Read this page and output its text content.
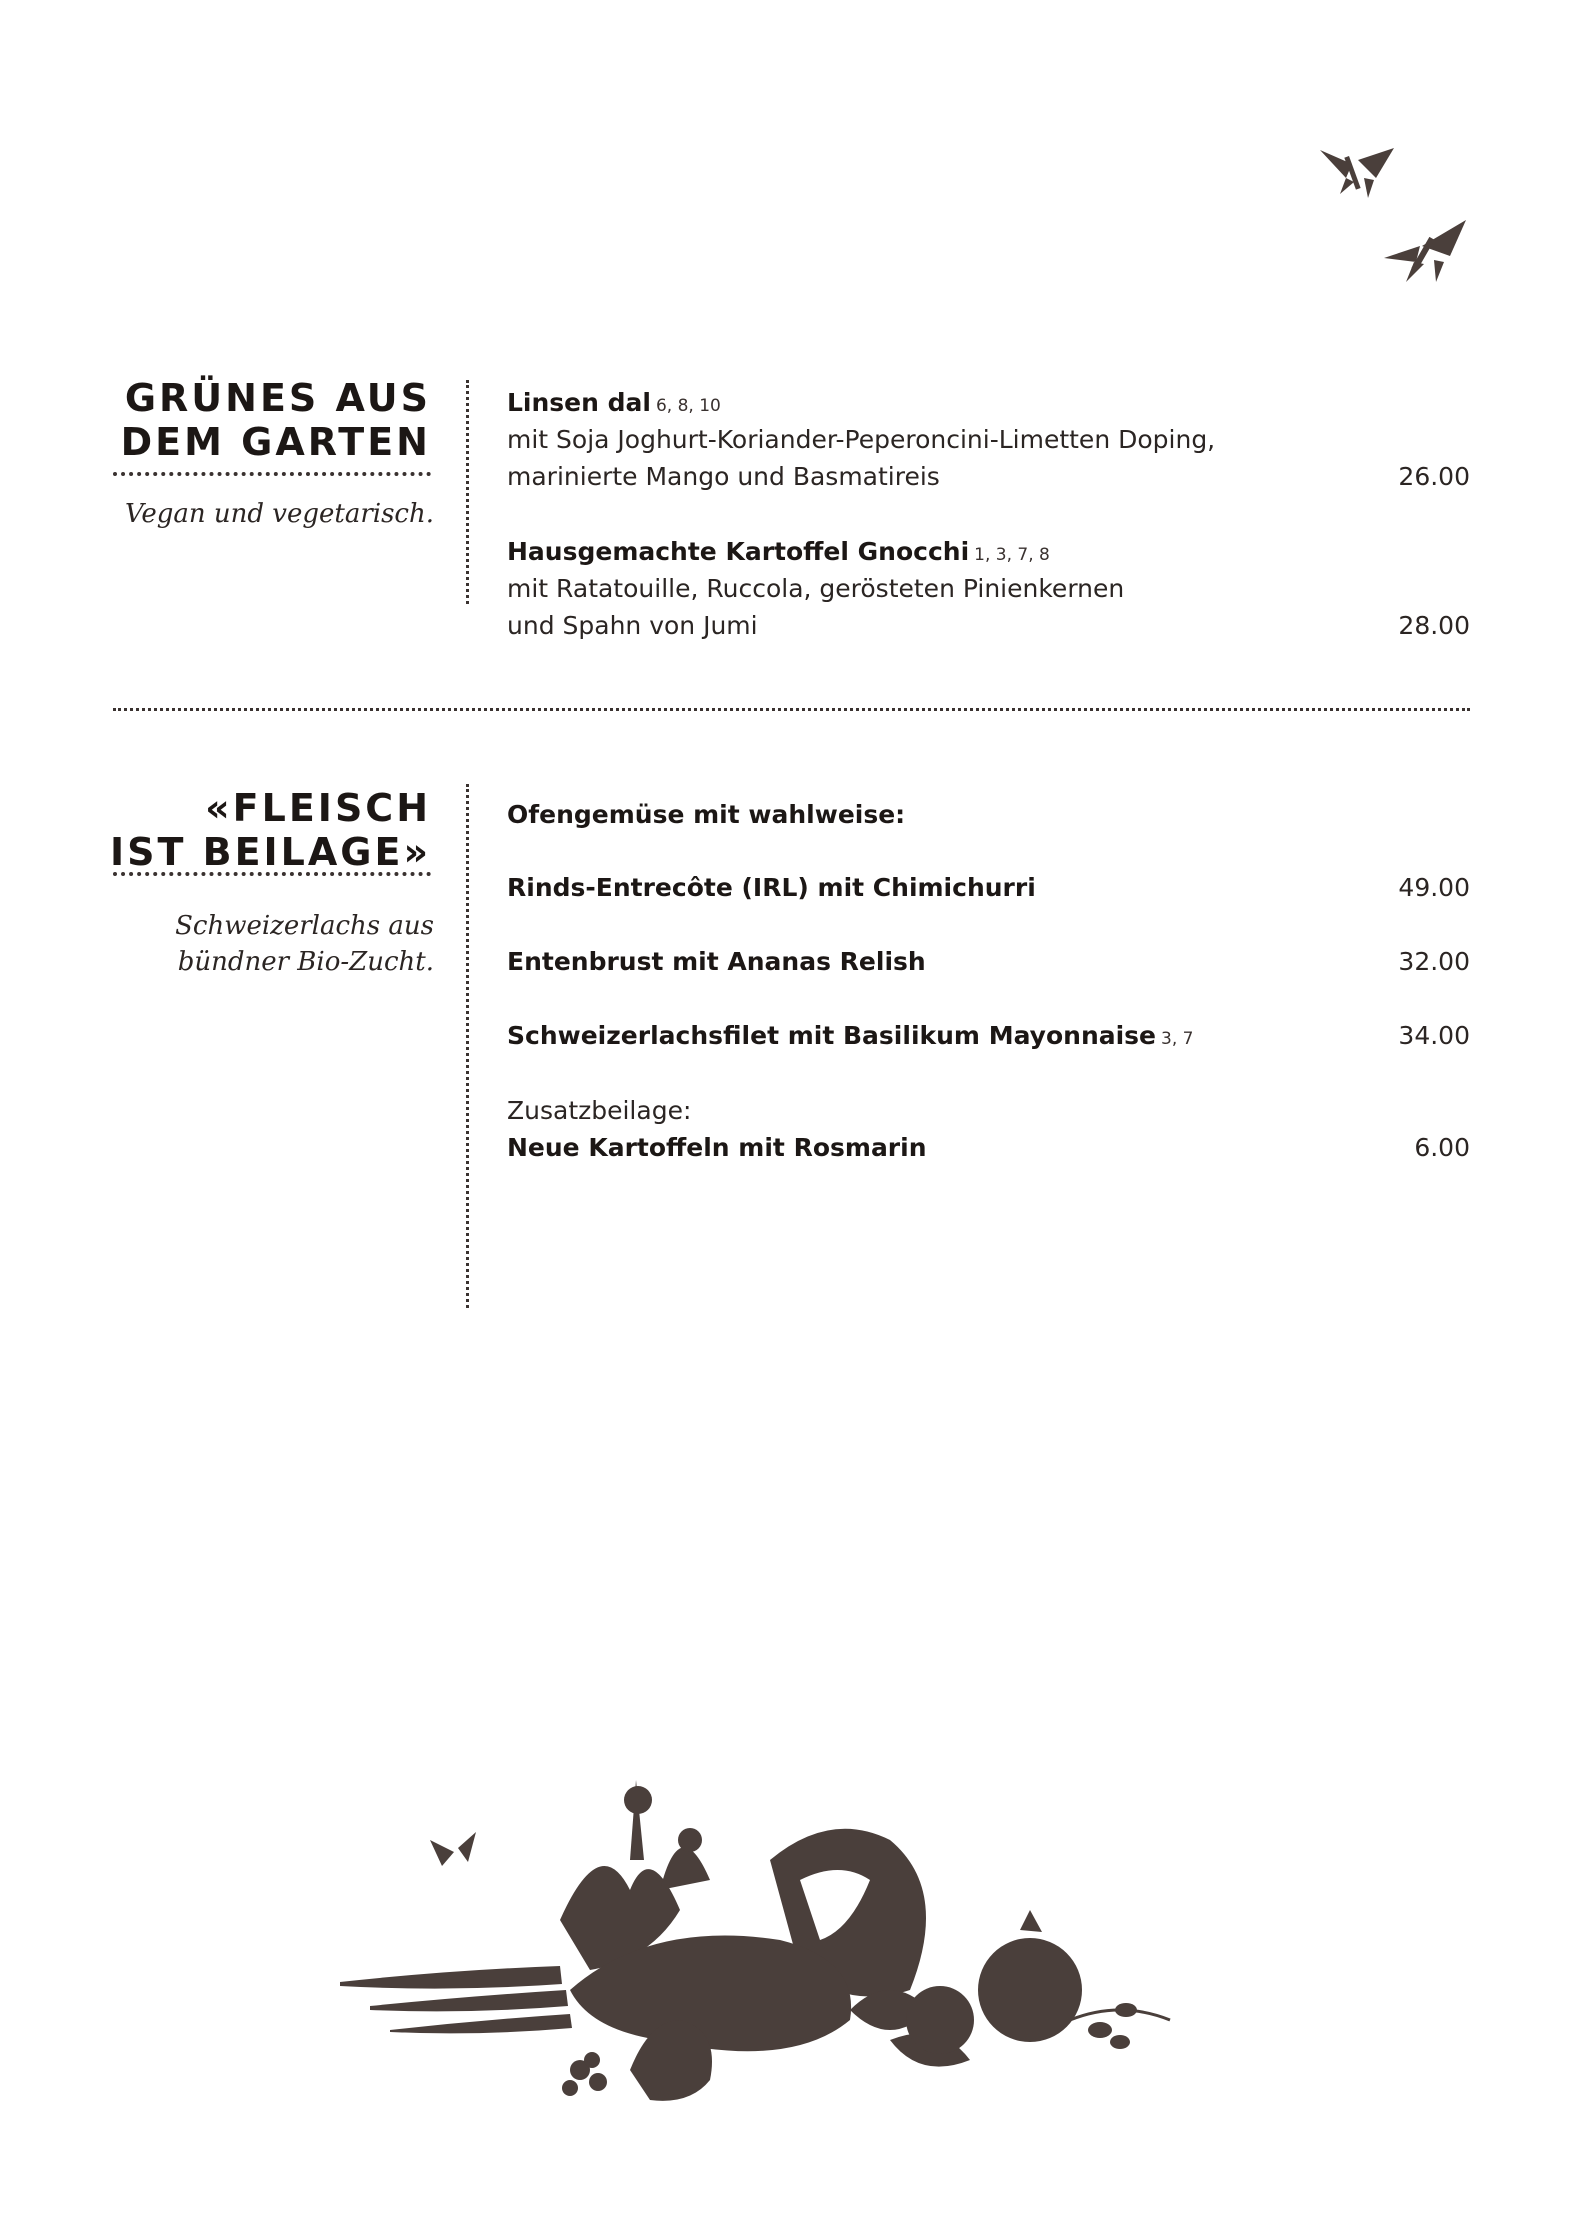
GRÜNES AUS
DEM GARTEN
Vegan und vegetarisch.
Linsen dal 6, 8, 10
mit Soja Joghurt-Koriander-Peperoncini-Limetten Doping,
marinierte Mango und Basmatireis	26.00
Hausgemachte Kartoffel Gnocchi 1, 3, 7, 8
mit Ratatouille, Ruccola, gerösteten Pinienkernen
und Spahn von Jumi	28.00
«FLEISCH
IST BEILAGE»
Schweizerlachs aus
bündner Bio-Zucht.
Ofengemüse mit wahlweise:
Rinds-Entrecôte (IRL) mit Chimichurri	49.00
Entenbrust mit Ananas Relish	32.00
Schweizerlachsfilet mit Basilikum Mayonnaise 3, 7	34.00
Zusatzbeilage:
Neue Kartoffeln mit Rosmarin	6.00
